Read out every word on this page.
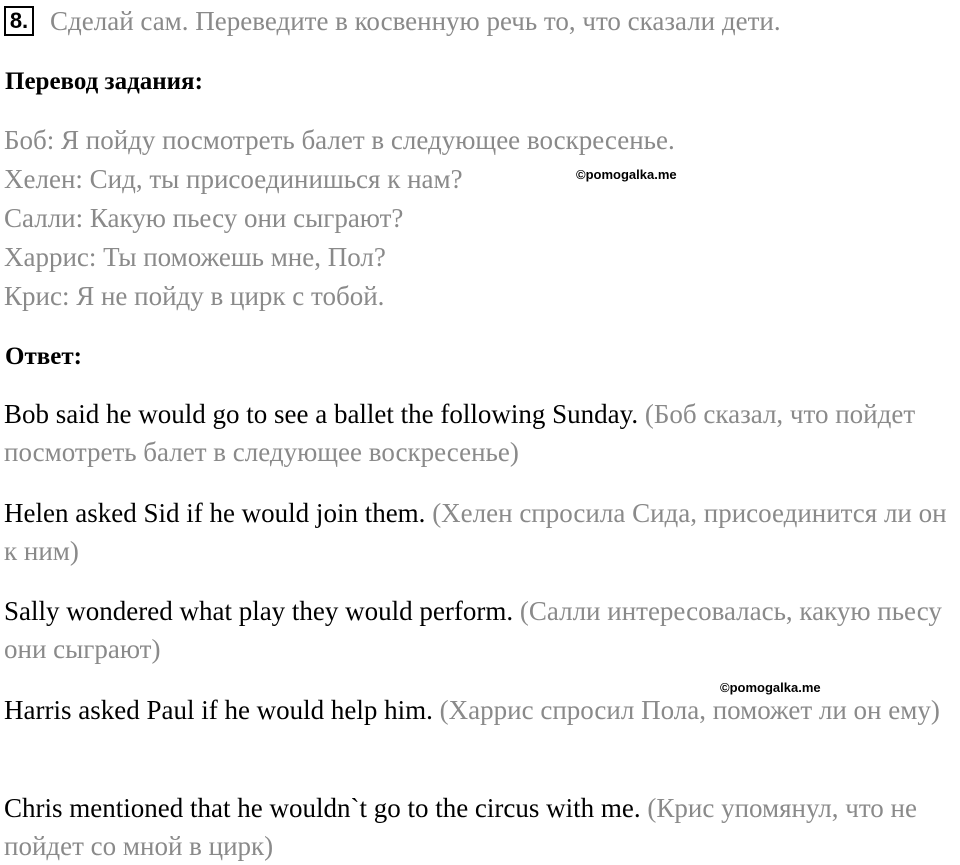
8. Сделай сам. Переведите в косвенную речь то, что сказали дети.
Перевод задания:
Боб: Я пойду посмотреть балет в следующее воскресенье.
Хелен: Сид, ты присоединишься к нам?
Салли: Какую пьесу они сыграют?
Харрис: Ты поможешь мне, Пол?
Крис: Я не пойду в цирк с тобой.
©pomogalka.me
Ответ:
Bob said he would go to see a ballet the following Sunday. (Боб сказал, что пойдет посмотреть балет в следующее воскресенье)
Helen asked Sid if he would join them. (Хелен спросила Сида, присоединится ли он к ним)
Sally wondered what play they would perform. (Салли интересовалась, какую пьесу они сыграют)
©pomogalka.me
Harris asked Paul if he would help him. (Харрис спросил Пола, поможет ли он ему)
Chris mentioned that he wouldn`t go to the circus with me. (Крис упомянул, что не пойдет со мной в цирк)
